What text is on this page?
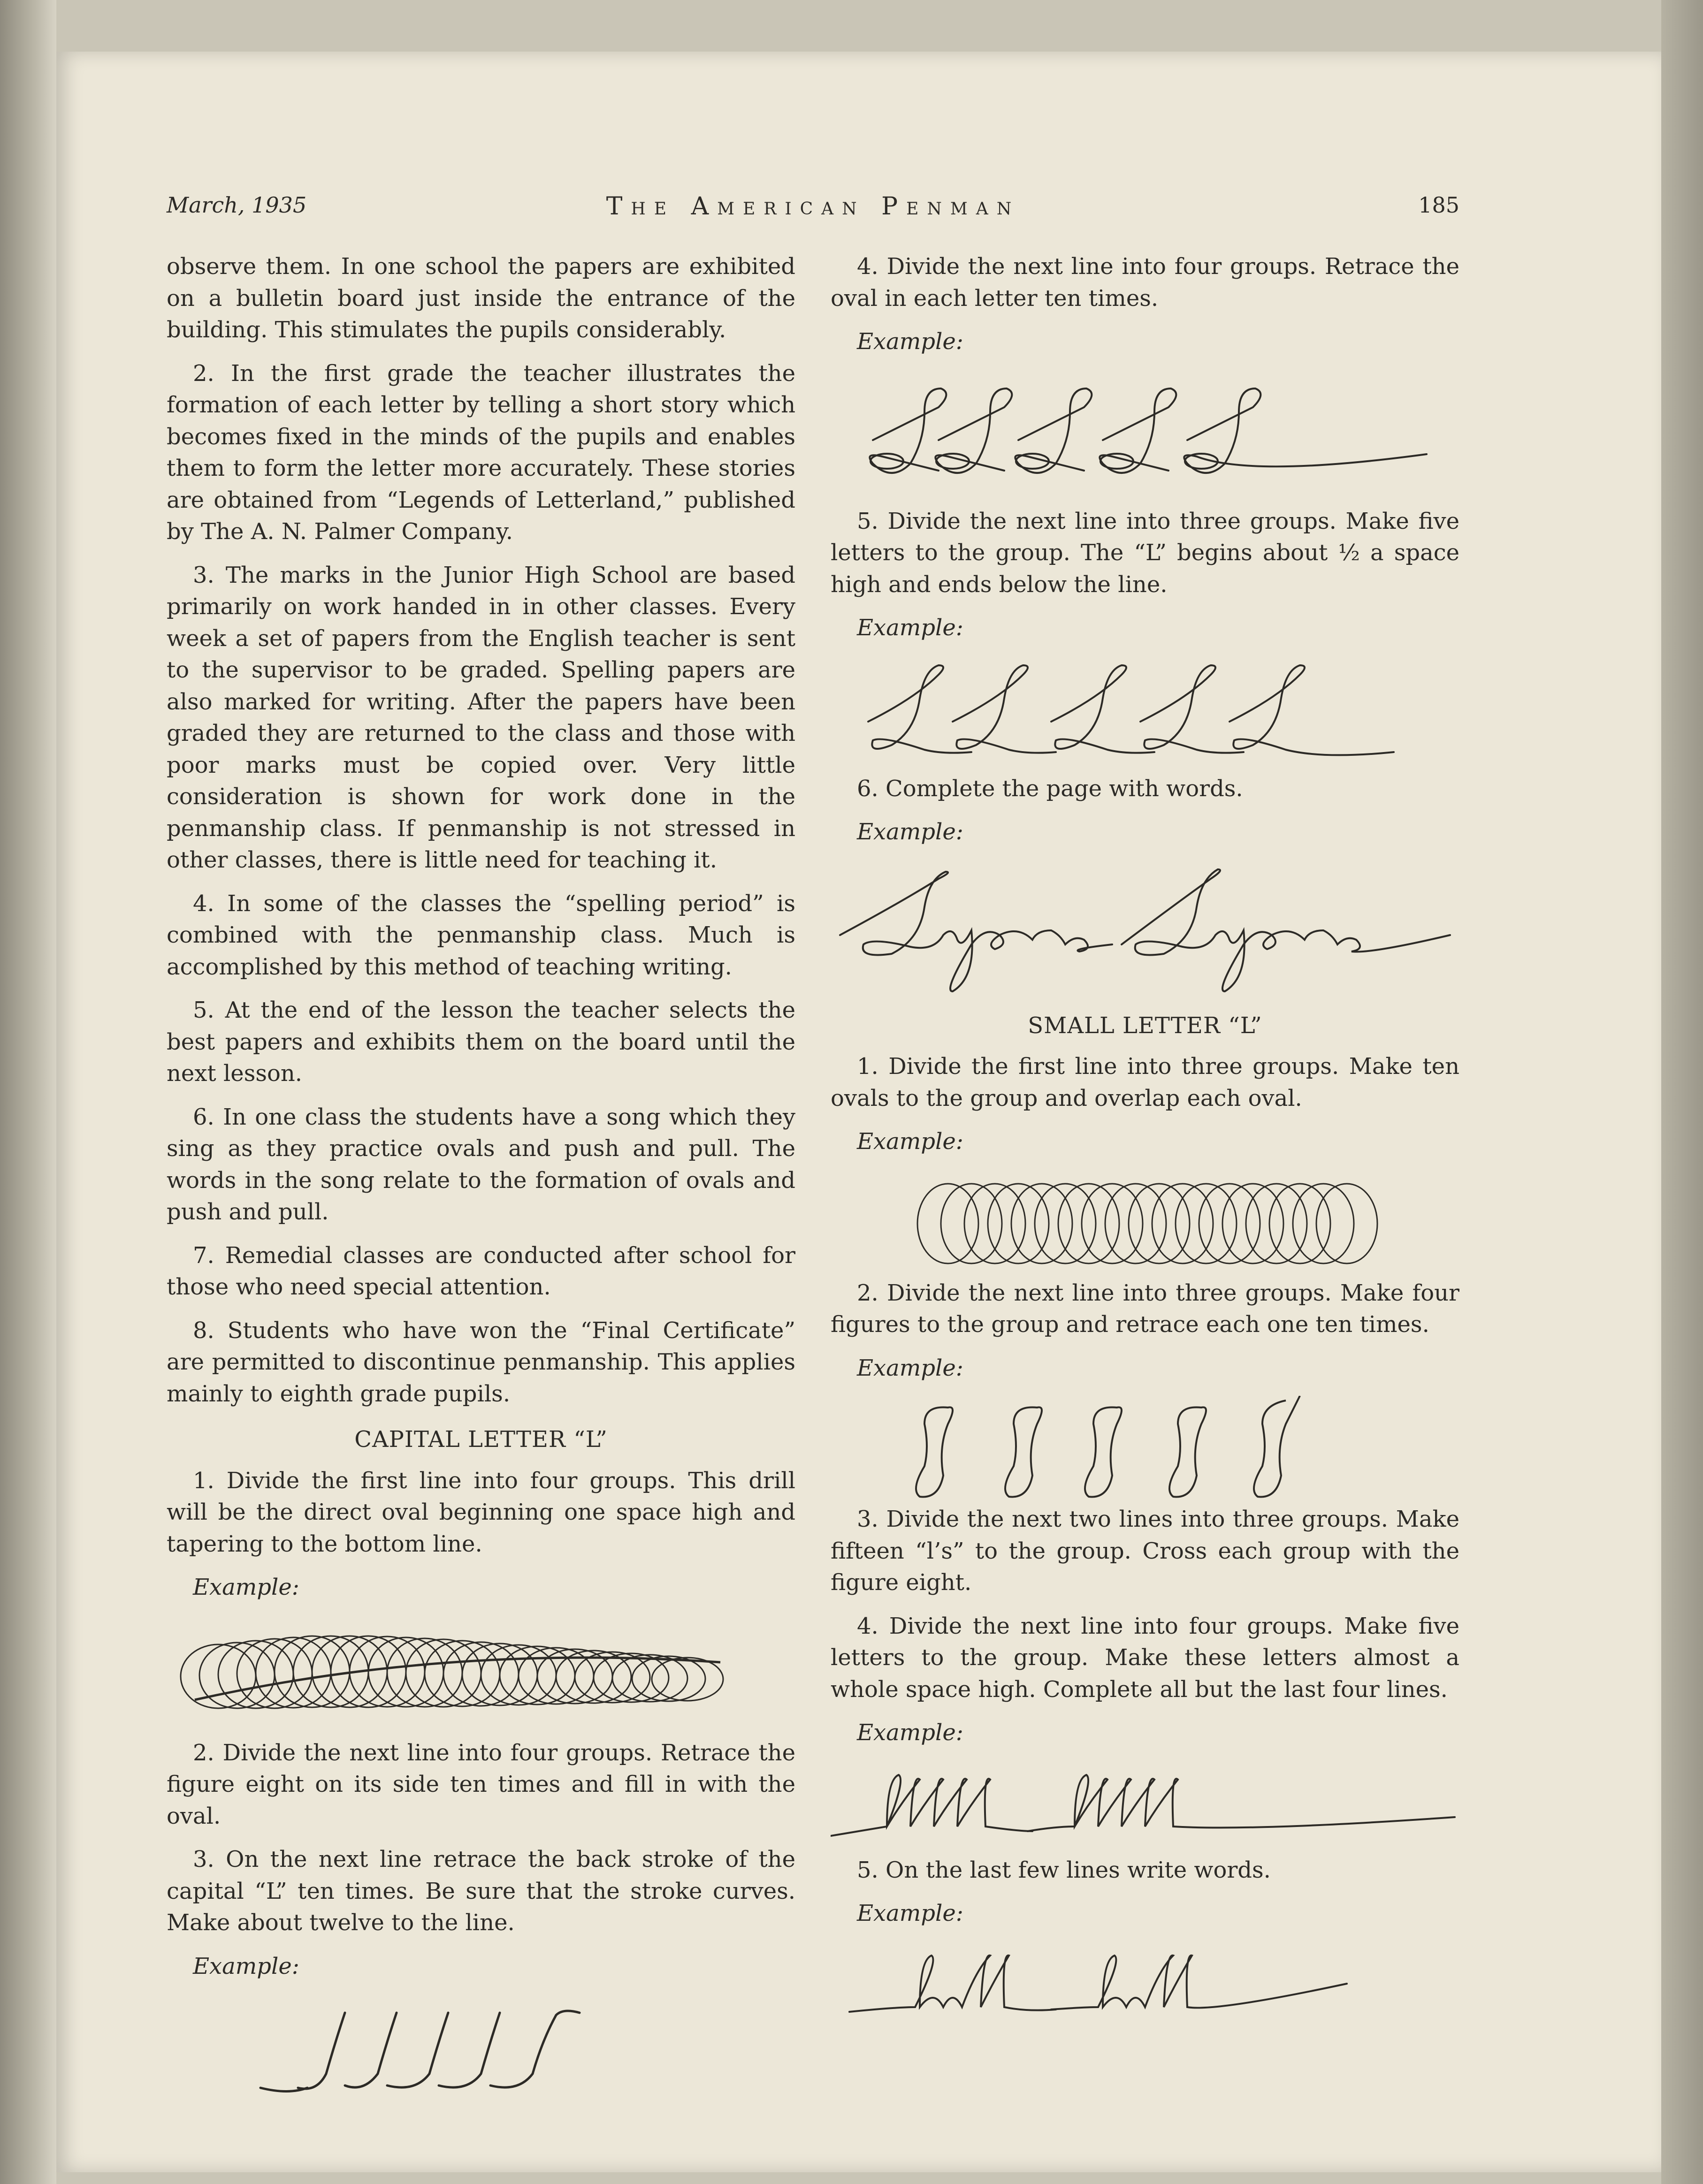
March, 1935	The American Penman	185

observe them. In one school the papers are exhibited on a bulletin board just inside the entrance of the building. This stimulates the pupils considerably.

2. In the first grade the teacher illustrates the formation of each letter by telling a short story which becomes fixed in the minds of the pupils and enables them to form the letter more accurately. These stories are obtained from “Legends of Letterland,” published by The A. N. Palmer Company.

3. The marks in the Junior High School are based primarily on work handed in in other classes. Every week a set of papers from the English teacher is sent to the supervisor to be graded. Spelling papers are also marked for writing. After the papers have been graded they are returned to the class and those with poor marks must be copied over. Very little consideration is shown for work done in the penmanship class. If penmanship is not stressed in other classes, there is little need for teaching it.

4. In some of the classes the “spelling period” is combined with the penmanship class. Much is accomplished by this method of teaching writing.

5. At the end of the lesson the teacher selects the best papers and exhibits them on the board until the next lesson.

6. In one class the students have a song which they sing as they practice ovals and push and pull. The words in the song relate to the formation of ovals and push and pull.

7. Remedial classes are conducted after school for those who need special attention.

8. Students who have won the “Final Certificate” are permitted to discontinue penmanship. This applies mainly to eighth grade pupils.

CAPITAL LETTER “L”

1. Divide the first line into four groups. This drill will be the direct oval beginning one space high and tapering to the bottom line.

Example:

2. Divide the next line into four groups. Retrace the figure eight on its side ten times and fill in with the oval.

3. On the next line retrace the back stroke of the capital “L” ten times. Be sure that the stroke curves. Make about twelve to the line.

Example:

4. Divide the next line into four groups. Retrace the oval in each letter ten times.

Example:

5. Divide the next line into three groups. Make five letters to the group. The “L” begins about ½ a space high and ends below the line.

Example:

6. Complete the page with words.

Example:

SMALL LETTER “L”

1. Divide the first line into three groups. Make ten ovals to the group and overlap each oval.

Example:

2. Divide the next line into three groups. Make four figures to the group and retrace each one ten times.

Example:

3. Divide the next two lines into three groups. Make fifteen “l’s” to the group. Cross each group with the figure eight.

4. Divide the next line into four groups. Make five letters to the group. Make these letters almost a whole space high. Complete all but the last four lines.

Example:

5. On the last few lines write words.

Example:
